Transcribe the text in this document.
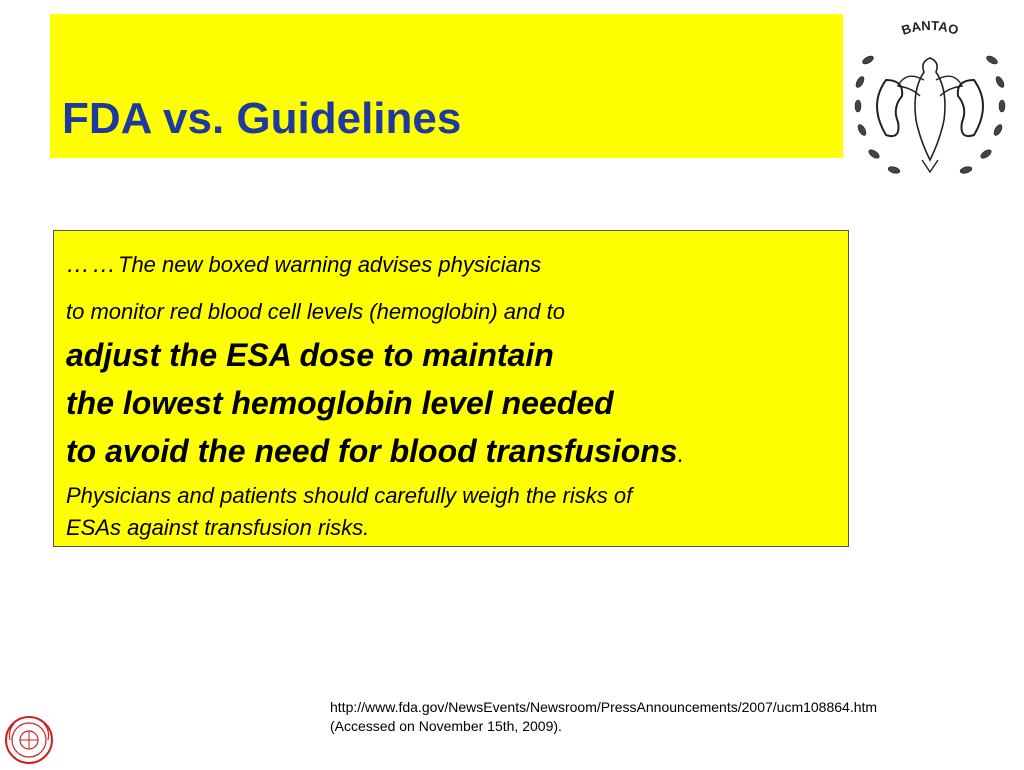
FDA vs. Guidelines
BANTAO
……The new boxed warning advises physicians
to monitor red blood cell levels (hemoglobin) and to
adjust the ESA dose to maintain
the lowest hemoglobin level needed
to avoid the need for blood transfusions.
Physicians and patients should carefully weigh the risks of
ESAs against transfusion risks.
http://www.fda.gov/NewsEvents/Newsroom/PressAnnouncements/2007/ucm108864.htm
(Accessed on November 15th, 2009).
